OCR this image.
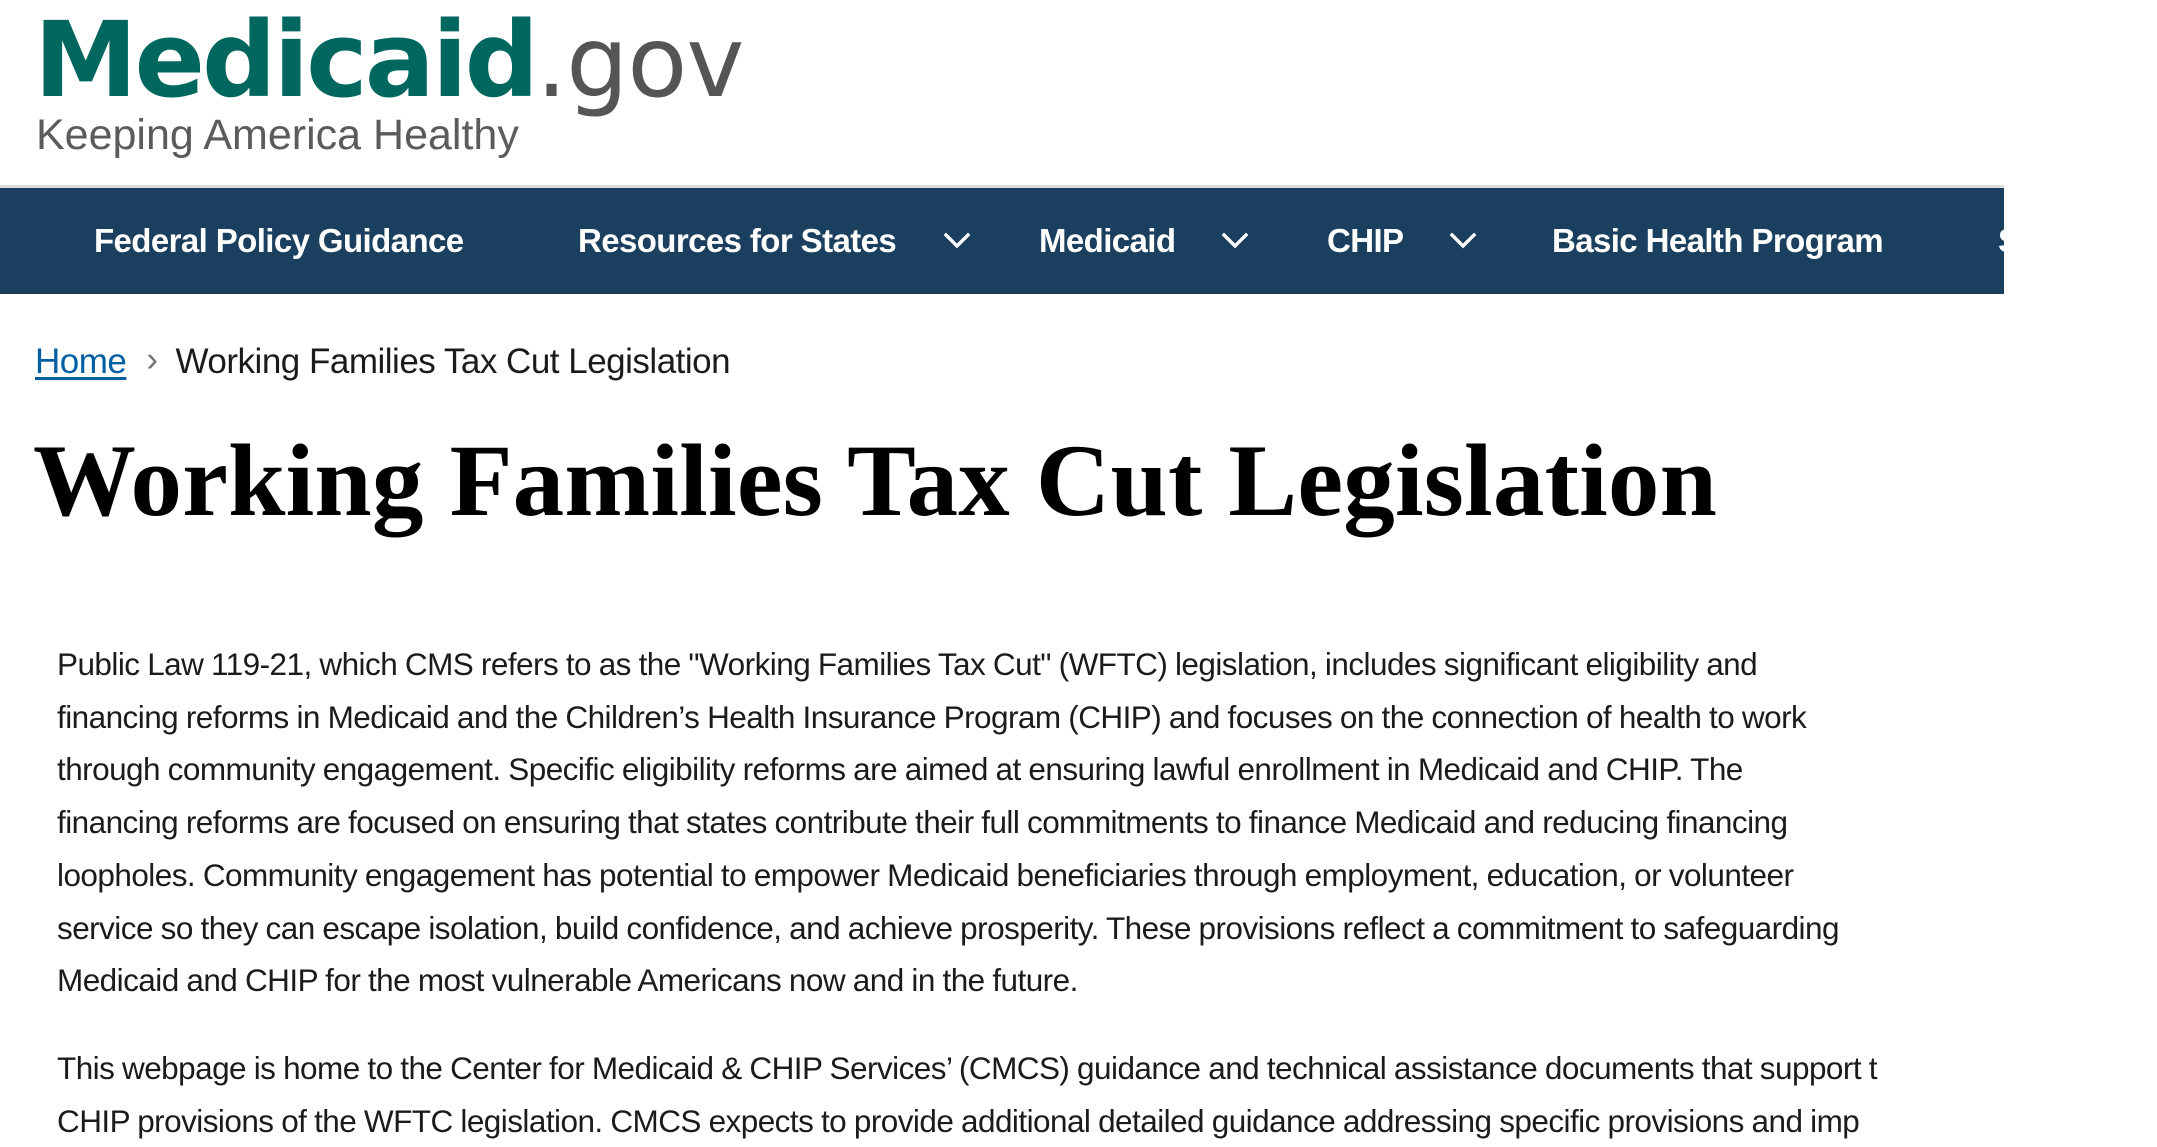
Medicaid.gov
Keeping America Healthy
Federal Policy Guidance	Resources for States	Medicaid	CHIP	Basic Health Program	S
Home › Working Families Tax Cut Legislation
Working Families Tax Cut Legislation

Public Law 119-21, which CMS refers to as the "Working Families Tax Cut" (WFTC) legislation, includes significant eligibility and
financing reforms in Medicaid and the Children’s Health Insurance Program (CHIP) and focuses on the connection of health to work
through community engagement. Specific eligibility reforms are aimed at ensuring lawful enrollment in Medicaid and CHIP. The
financing reforms are focused on ensuring that states contribute their full commitments to finance Medicaid and reducing financing
loopholes. Community engagement has potential to empower Medicaid beneficiaries through employment, education, or volunteer
service so they can escape isolation, build confidence, and achieve prosperity. These provisions reflect a commitment to safeguarding
Medicaid and CHIP for the most vulnerable Americans now and in the future.

This webpage is home to the Center for Medicaid & CHIP Services’ (CMCS) guidance and technical assistance documents that support t
CHIP provisions of the WFTC legislation. CMCS expects to provide additional detailed guidance addressing specific provisions and imp
